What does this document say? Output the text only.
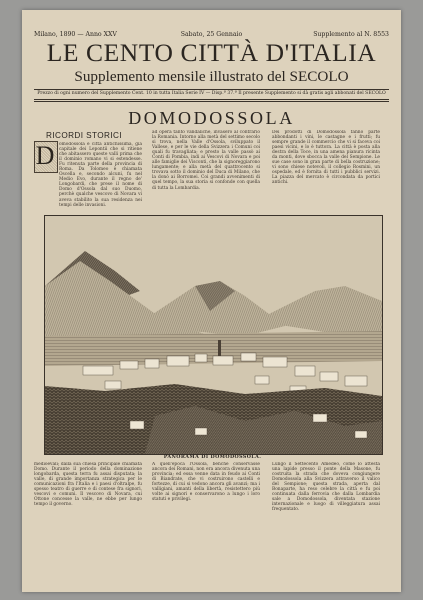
Milano, 1890 — Anno XXV	Sabato, 25 Gennaio	Supplemento al N. 8553
LE CENTO CITTÀ D'ITALIA
Supplemento mensile illustrato del SECOLO
Prezzo di ogni numero del Supplemento Cent. 10 in tutta Italia Serie IV — Disp.ª 37.ª Il presente Supplemento si dà gratis agli abbonati del SECOLO
DOMODOSSOLA
RICORDI STORICI
D	omodossola è città antichissima, già capitale dei Lepontii che si ritiene che abitassero queste valli prima che il dominio romano vi si estendesse. Fu ritenuta parte della provincia di Roma. Da Tolomeo è chiamata Oscella e, secondo alcuni, fu nel Medio Evo, durante il regno de' Longobardi, che prese il nome di Domo d'Ossola dal suo Duomo, perchè qualche vescovo di Novara vi aveva stabilito la sua residenza nei tempi delle invasioni.

ad opera tanto vandaliche, invasero al contrario la Romania. Intorno alla metà del settimo secolo si trova, nella Valle d'Ossola, sviluppato il Vallese, e per le vie della Svizzera i Comuni coi quali fu travagliata; e presto la valle passò ai Conti di Pombia, indi ai Vescovi di Novara e poi alle famiglie dei Visconti, che la signoreggiarono lungamente; e alla metà del quattrocento si trovava sotto il dominio del Duca di Milano, che la donò ai Borromei. Coi grandi avvenimenti di quel tempo, la sua storia si confonde con quella di tutta la Lombardia.

Dei prodotti di Domodossola fanno parte abbondanti i vini, le castagne e i frutti; fu sempre grande il commercio che vi si faceva coi paesi vicini, e lo è tuttora. La città è posta alla destra della Toce, in una amena pianura ricinta da monti, dove sbocca la valle del Sempione. Le sue case sono in gran parte di bella costruzione; vi sono chiese notevoli, il collegio Rosmini, un ospedale, ed è fornita di tutti i pubblici servizi. La piazza del mercato è circondata da portici antichi.

PANORAMA DI DOMODOSSOLA.

medioevali; dalla sua chiesa principale chiamata Domo. Durante il periodo della dominazione longobarda, questa terra fu assai disputata; la valle, di grande importanza strategica per le comunicazioni fra l'Italia e i paesi d'oltralpe, fu spesso teatro di guerre e di contese fra signori, vescovi e comuni. Il vescovo di Novara, cui Ottone concesse la valle, ne ebbe per lungo tempo il governo.

A quell'epoca l'Ossola, benchè conservasse ancora dei Romani, non era ancora divenuta una provincia; ed essa venne data in feudo ai Conti di Biandrate, che vi costruirono castelli e fortezze, di cui si vedono ancora gli avanzi; ma i valligiani, amanti della libertà, resistettero più volte ai signori e conservarono a lungo i loro statuti e privilegi.

Lungo il Settecento Amedeo, come lo attesta una lapide presso il ponte della Masone, fu costruita la strada che doveva congiungere Domodossola alla Svizzera attraverso il valico del Sempione; questa strada, aperta dal Bonaparte, ha reso celebre la città e fu poi continuata dalla ferrovia che dalla Lombardia sale a Domodossola, diventata stazione internazionale e luogo di villeggiatura assai frequentato.
